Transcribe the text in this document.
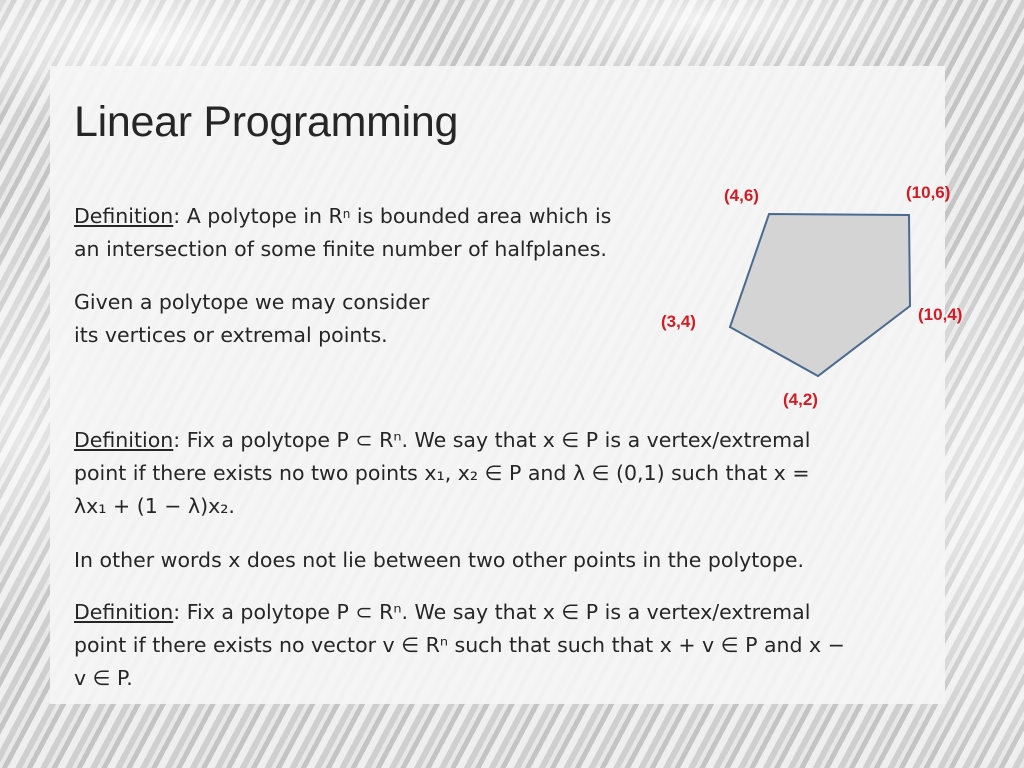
Linear Programming
Definition: A polytope in $R^n$ is bounded area which is
an intersection of some finite number of halfplanes.
Given a polytope we may consider
its vertices or extremal points.
(4,6)	(10,6)
(10,4)
(4,2)
(3,4)
Definition: Fix a polytope P ⊂ Rⁿ. We say that x ∈ P is a vertex/extremal
point if there exists no two points x₁, x₂ ∈ P and λ ∈ (0,1) such that x =
λx₁ + (1 − λ)x₂.
In other words x does not lie between two other points in the polytope.
Definition: Fix a polytope P ⊂ Rⁿ. We say that x ∈ P is a vertex/extremal
point if there exists no vector v ∈ Rⁿ such that such that x + v ∈ P and x −
v ∈ P.
